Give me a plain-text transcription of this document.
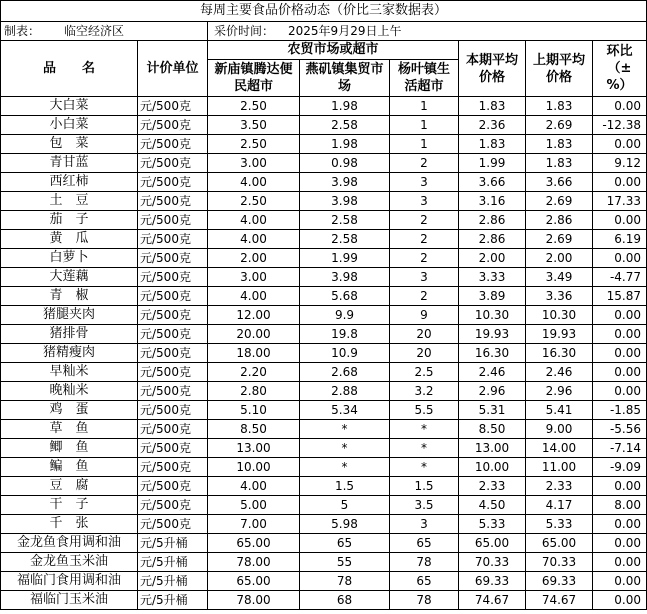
每周主要食品价格动态（价比三家数据表）							
制表： 临空经济区		采价时间： 2025年9月29日上午					
品　　名	计价单位	农贸市场或超市			本期平均价格	上期平均价格	环比（±%）
		新庙镇腾达便民超市	燕矶镇集贸市场	杨叶镇生活超市			
大白菜	元/500克	2.50	1.98	1	1.83	1.83	0.00
小白菜	元/500克	3.50	2.58	1	2.36	2.69	-12.38
包　菜	元/500克	2.50	1.98	1	1.83	1.83	0.00
青甘蓝	元/500克	3.00	0.98	2	1.99	1.83	9.12
西红柿	元/500克	4.00	3.98	3	3.66	3.66	0.00
土　豆	元/500克	2.50	3.98	3	3.16	2.69	17.33
茄　子	元/500克	4.00	2.58	2	2.86	2.86	0.00
黄　瓜	元/500克	4.00	2.58	2	2.86	2.69	6.19
白萝卜	元/500克	2.00	1.99	2	2.00	2.00	0.00
大莲藕	元/500克	3.00	3.98	3	3.33	3.49	-4.77
青　椒	元/500克	4.00	5.68	2	3.89	3.36	15.87
猪腿夹肉	元/500克	12.00	9.9	9	10.30	10.30	0.00
猪排骨	元/500克	20.00	19.8	20	19.93	19.93	0.00
猪精瘦肉	元/500克	18.00	10.9	20	16.30	16.30	0.00
早籼米	元/500克	2.20	2.68	2.5	2.46	2.46	0.00
晚籼米	元/500克	2.80	2.88	3.2	2.96	2.96	0.00
鸡　蛋	元/500克	5.10	5.34	5.5	5.31	5.41	-1.85
草　鱼	元/500克	8.50	*	*	8.50	9.00	-5.56
鲫　鱼	元/500克	13.00	*	*	13.00	14.00	-7.14
鳊　鱼	元/500克	10.00	*	*	10.00	11.00	-9.09
豆　腐	元/500克	4.00	1.5	1.5	2.33	2.33	0.00
干　子	元/500克	5.00	5	3.5	4.50	4.17	8.00
千　张	元/500克	7.00	5.98	3	5.33	5.33	0.00
金龙鱼食用调和油	元/5升桶	65.00	65	65	65.00	65.00	0.00
金龙鱼玉米油	元/5升桶	78.00	55	78	70.33	70.33	0.00
福临门食用调和油	元/5升桶	65.00	78	65	69.33	69.33	0.00
福临门玉米油	元/5升桶	78.00	68	78	74.67	74.67	0.00
